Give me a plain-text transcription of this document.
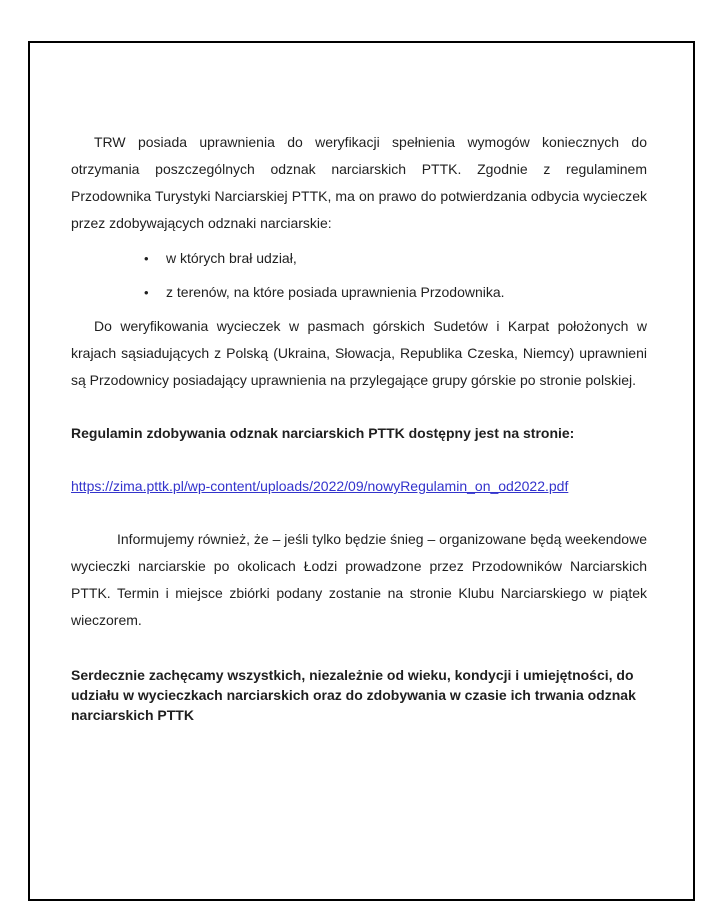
TRW posiada uprawnienia do weryfikacji spełnienia wymogów koniecznych do otrzymania poszczególnych odznak narciarskich PTTK. Zgodnie z regulaminem Przodownika Turystyki Narciarskiej PTTK, ma on prawo do potwierdzania odbycia wycieczek przez zdobywających odznaki narciarskie:

• w których brał udział,
• z terenów, na które posiada uprawnienia Przodownika.

Do weryfikowania wycieczek w pasmach górskich Sudetów i Karpat położonych w krajach sąsiadujących z Polską (Ukraina, Słowacja, Republika Czeska, Niemcy) uprawnieni są Przodownicy posiadający uprawnienia na przylegające grupy górskie po stronie polskiej.

Regulamin zdobywania odznak narciarskich PTTK dostępny jest na stronie:

https://zima.pttk.pl/wp-content/uploads/2022/09/nowyRegulamin_on_od2022.pdf

Informujemy również, że – jeśli tylko będzie śnieg – organizowane będą weekendowe wycieczki narciarskie po okolicach Łodzi prowadzone przez Przodowników Narciarskich PTTK. Termin i miejsce zbiórki podany zostanie na stronie Klubu Narciarskiego w piątek wieczorem.

Serdecznie zachęcamy wszystkich, niezależnie od wieku, kondycji i umiejętności, do udziału w wycieczkach narciarskich oraz do zdobywania w czasie ich trwania odznak narciarskich PTTK
